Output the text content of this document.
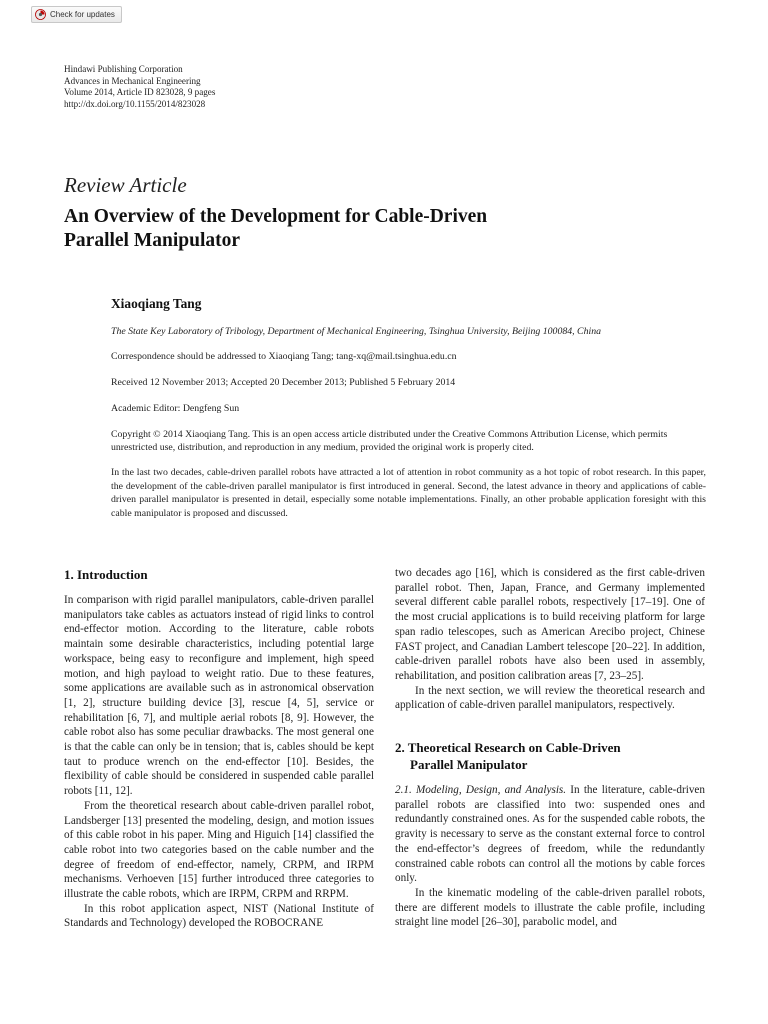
Check for updates
Hindawi Publishing Corporation
Advances in Mechanical Engineering
Volume 2014, Article ID 823028, 9 pages
http://dx.doi.org/10.1155/2014/823028
Review Article
An Overview of the Development for Cable-Driven
Parallel Manipulator
Xiaoqiang Tang
The State Key Laboratory of Tribology, Department of Mechanical Engineering, Tsinghua University, Beijing 100084, China
Correspondence should be addressed to Xiaoqiang Tang; tang-xq@mail.tsinghua.edu.cn
Received 12 November 2013; Accepted 20 December 2013; Published 5 February 2014
Academic Editor: Dengfeng Sun
Copyright © 2014 Xiaoqiang Tang. This is an open access article distributed under the Creative Commons Attribution License, which permits unrestricted use, distribution, and reproduction in any medium, provided the original work is properly cited.
In the last two decades, cable-driven parallel robots have attracted a lot of attention in robot community as a hot topic of robot research. In this paper, the development of the cable-driven parallel manipulator is first introduced in general. Second, the latest advance in theory and applications of cable-driven parallel manipulator is presented in detail, especially some notable implementations. Finally, an other probable application foresight with this cable manipulator is proposed and discussed.
1. Introduction

In comparison with rigid parallel manipulators, cable-driven parallel manipulators take cables as actuators instead of rigid links to control end-effector motion. According to the literature, cable robots maintain some desirable characteristics, including potential large workspace, being easy to reconfigure and implement, high speed motion, and high payload to weight ratio. Due to these features, some applications are available such as in astronomical observation [1, 2], structure building device [3], rescue [4, 5], service or rehabilitation [6, 7], and multiple aerial robots [8, 9]. However, the cable robot also has some peculiar drawbacks. The most general one is that the cable can only be in tension; that is, cables should be kept taut to produce wrench on the end-effector [10]. Besides, the flexibility of cable should be considered in suspended cable parallel robots [11, 12].

From the theoretical research about cable-driven parallel robot, Landsberger [13] presented the modeling, design, and motion issues of this cable robot in his paper. Ming and Higuich [14] classified the cable robot into two categories based on the cable number and the degree of freedom of end-effector, namely, CRPM, and IRPM mechanisms. Verhoeven [15] further introduced three categories to illustrate the cable robots, which are IRPM, CRPM and RRPM.

In this robot application aspect, NIST (National Institute of Standards and Technology) developed the ROBOCRANE

two decades ago [16], which is considered as the first cable-driven parallel robot. Then, Japan, France, and Germany implemented several different cable parallel robots, respectively [17–19]. One of the most crucial applications is to build receiving platform for large span radio telescopes, such as American Arecibo project, Chinese FAST project, and Canadian Lambert telescope [20–22]. In addition, cable-driven parallel robots have also been used in assembly, rehabilitation, and position calibration areas [7, 23–25].

In the next section, we will review the theoretical research and application of cable-driven parallel manipulators, respectively.

2. Theoretical Research on Cable-Driven
Parallel Manipulator

2.1. Modeling, Design, and Analysis. In the literature, cable-driven parallel robots are classified into two: suspended ones and redundantly constrained ones. As for the suspended cable robots, the gravity is necessary to serve as the constant external force to control the end-effector’s degrees of freedom, while the redundantly constrained cable robots can control all the motions by cable forces only.

In the kinematic modeling of the cable-driven parallel robots, there are different models to illustrate the cable profile, including straight line model [26–30], parabolic model, and
